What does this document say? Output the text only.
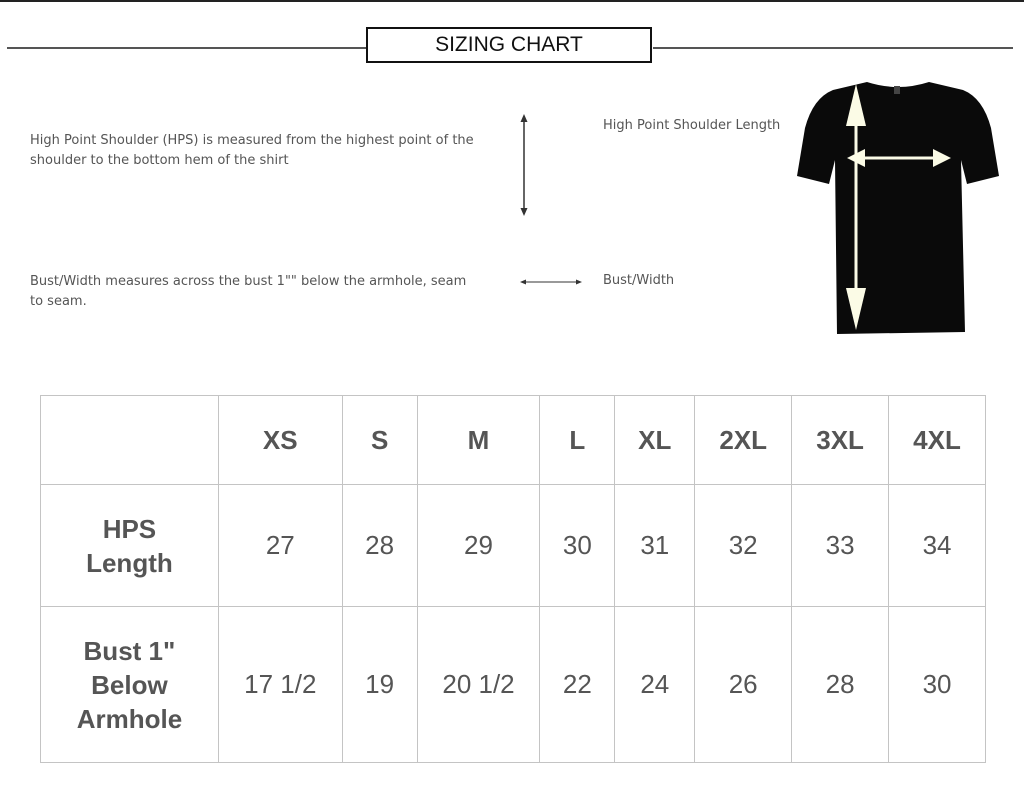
SIZING CHART
High Point Shoulder (HPS) is measured from the highest point of the shoulder to the bottom hem of the shirt
Bust/Width measures across the bust 1"" below the armhole, seam to seam.
High Point Shoulder Length
Bust/Width
	XS	S	M	L	XL	2XL	3XL	4XL

HPS
Length	27	28	29	30	31	32	33	34

Bust 1"
Below
Armhole	17 1/2	19	20 1/2	22	24	26	28	30
